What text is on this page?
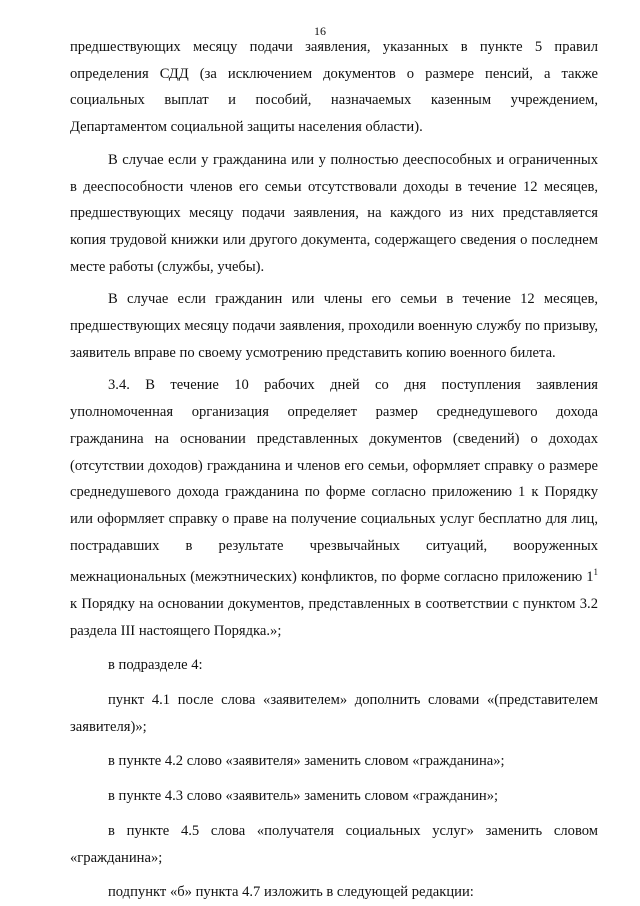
16

предшествующих месяцу подачи заявления, указанных в пункте 5 правил определения СДД (за исключением документов о размере пенсий, а также социальных выплат и пособий, назначаемых казенным учреждением, Департаментом социальной защиты населения области).

В случае если у гражданина или у полностью дееспособных и ограниченных в дееспособности членов его семьи отсутствовали доходы в течение 12 месяцев, предшествующих месяцу подачи заявления, на каждого из них представляется копия трудовой книжки или другого документа, содержащего сведения о последнем месте работы (службы, учебы).

В случае если гражданин или члены его семьи в течение 12 месяцев, предшествующих месяцу подачи заявления, проходили военную службу по призыву, заявитель вправе по своему усмотрению представить копию военного билета.

3.4. В течение 10 рабочих дней со дня поступления заявления уполномоченная организация определяет размер среднедушевого дохода гражданина на основании представленных документов (сведений) о доходах (отсутствии доходов) гражданина и членов его семьи, оформляет справку о размере среднедушевого дохода гражданина по форме согласно приложению 1 к Порядку или оформляет справку о праве на получение социальных услуг бесплатно для лиц, пострадавших в результате чрезвычайных ситуаций, вооруженных межнациональных (межэтнических) конфликтов, по форме согласно приложению $1^1$ к Порядку на основании документов, представленных в соответствии с пунктом 3.2 раздела III настоящего Порядка.»;

в подразделе 4:

пункт 4.1 после слова «заявителем» дополнить словами «(представителем заявителя)»;

в пункте 4.2 слово «заявителя» заменить словом «гражданина»;

в пункте 4.3 слово «заявитель» заменить словом «гражданин»;

в пункте 4.5 слова «получателя социальных услуг» заменить словом «гражданина»;

подпункт «б» пункта 4.7 изложить в следующей редакции:
